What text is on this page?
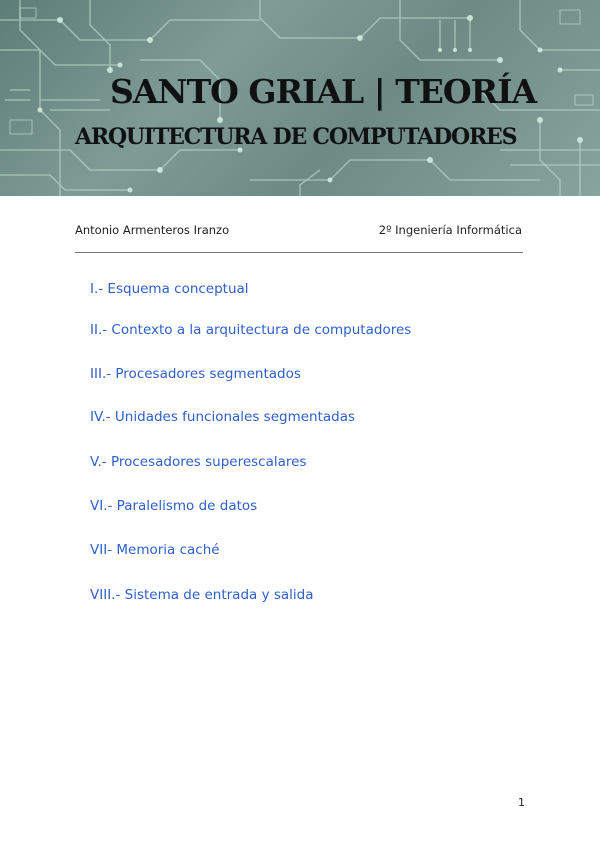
SANTO GRIAL | TEORÍA
ARQUITECTURA DE COMPUTADORES
Antonio Armenteros Iranzo	2º Ingeniería Informática
I.- Esquema conceptual
II.- Contexto a la arquitectura de computadores
III.- Procesadores segmentados
IV.- Unidades funcionales segmentadas
V.- Procesadores superescalares
VI.- Paralelismo de datos
VII- Memoria caché
VIII.- Sistema de entrada y salida
1
